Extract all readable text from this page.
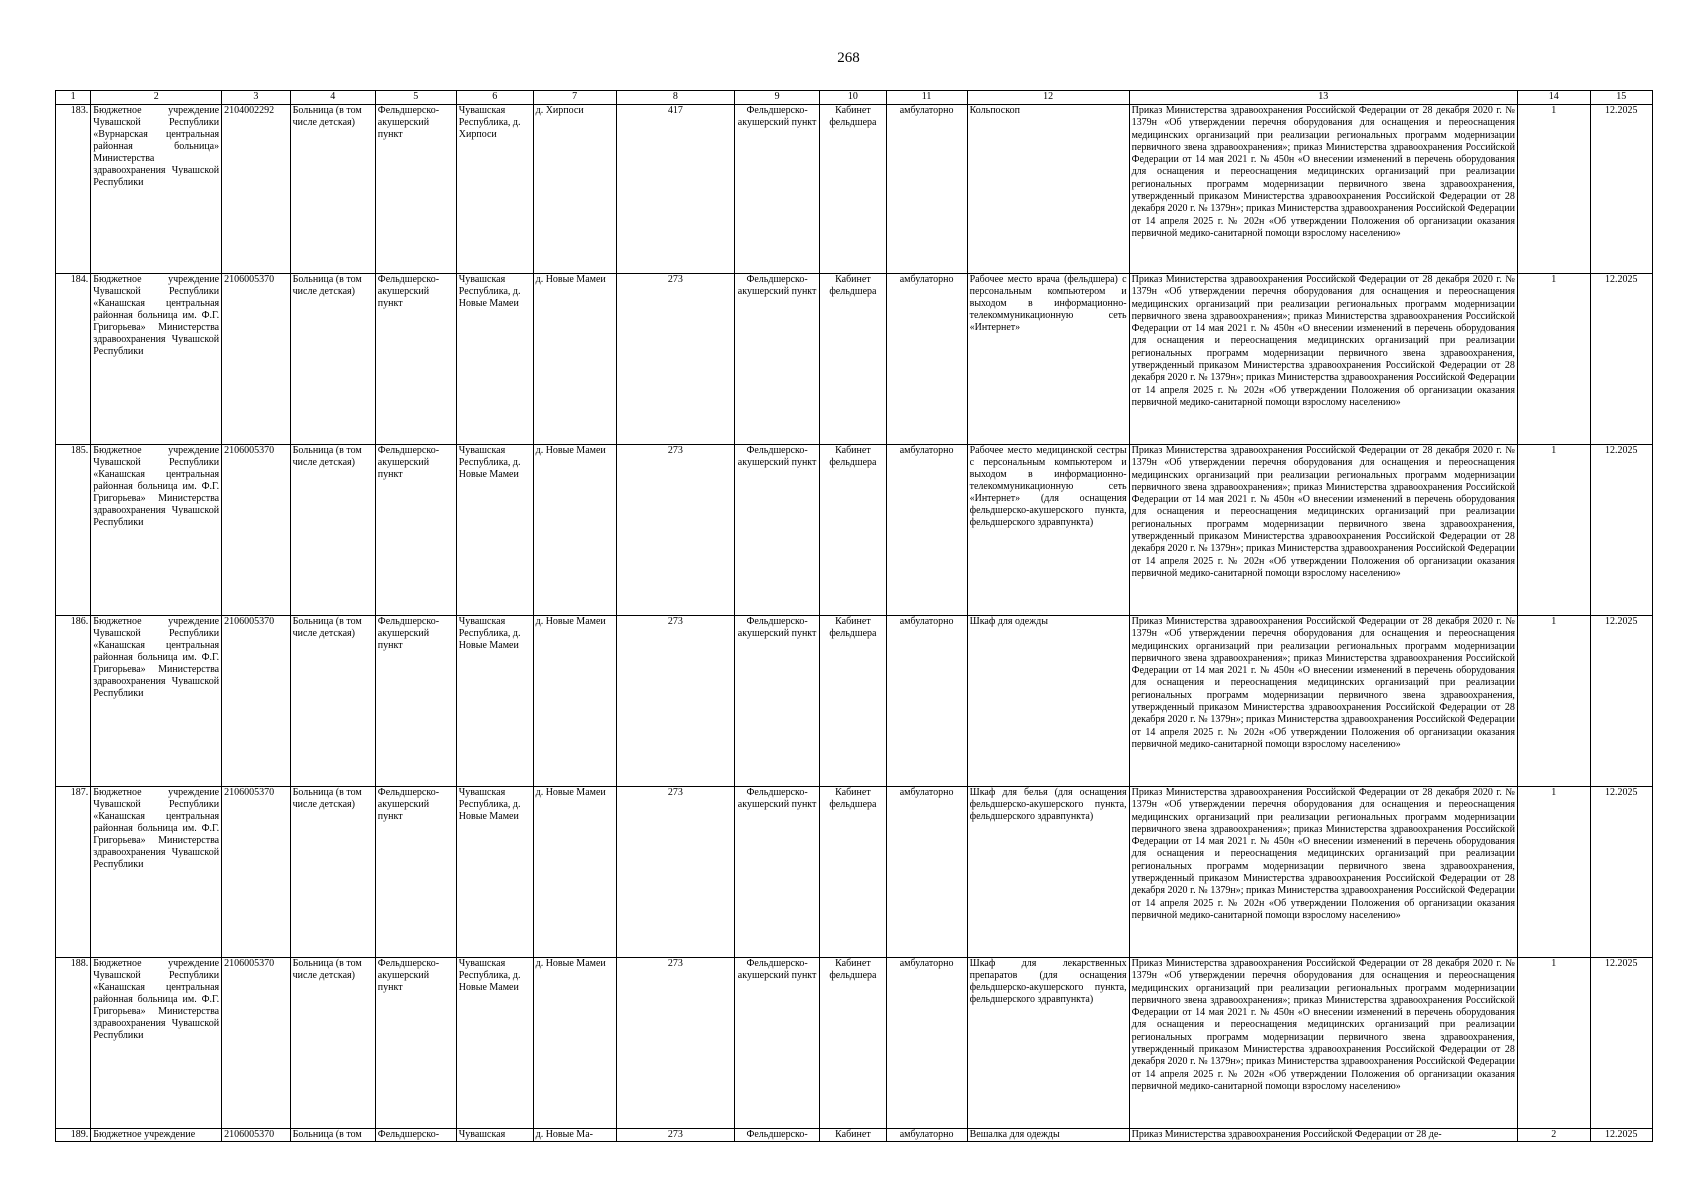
268
1	2	3	4	5	6	7	8	9	10	11	12	13	14	15
183.	Бюджетное учреждение Чувашской Республики «Вурнарская центральная районная больница» Министерства здравоохранения Чувашской Республики	2104002292	Больница (в том числе детская)	Фельдшерско-акушерский пункт	Чувашская Республика, д. Хирпоси	д. Хирпоси	417	Фельдшерско-акушерский пункт	Кабинет фельдшера	амбулаторно	Кольпоскоп	Приказ Министерства здравоохранения Российской Федерации от 28 декабря 2020 г. № 1379н «Об утверждении перечня оборудования для оснащения и переоснащения медицинских организаций при реализации региональных программ модернизации первичного звена здравоохранения»; приказ Министерства здравоохранения Российской Федерации от 14 мая 2021 г. № 450н «О внесении изменений в перечень оборудования для оснащения и переоснащения медицинских организаций при реализации региональных программ модернизации первичного звена здравоохранения, утвержденный приказом Министерства здравоохранения Российской Федерации от 28 декабря 2020 г. № 1379н»; приказ Министерства здравоохранения Российской Федерации от 14 апреля 2025 г. № 202н «Об утверждении Положения об организации оказания первичной медико-санитарной помощи взрослому населению»	1	12.2025
184.	Бюджетное учреждение Чувашской Республики «Канашская центральная районная больница им. Ф.Г. Григорьева» Министерства здравоохранения Чувашской Республики	2106005370	Больница (в том числе детская)	Фельдшерско-акушерский пункт	Чувашская Республика, д. Новые Мамеи	д. Новые Мамеи	273	Фельдшерско-акушерский пункт	Кабинет фельдшера	амбулаторно	Рабочее место врача (фельдшера) с персональным компьютером и выходом в информационно-телекоммуникационную сеть «Интернет»	Приказ Министерства здравоохранения Российской Федерации от 28 декабря 2020 г. № 1379н «Об утверждении перечня оборудования для оснащения и переоснащения медицинских организаций при реализации региональных программ модернизации первичного звена здравоохранения»; приказ Министерства здравоохранения Российской Федерации от 14 мая 2021 г. № 450н «О внесении изменений в перечень оборудования для оснащения и переоснащения медицинских организаций при реализации региональных программ модернизации первичного звена здравоохранения, утвержденный приказом Министерства здравоохранения Российской Федерации от 28 декабря 2020 г. № 1379н»; приказ Министерства здравоохранения Российской Федерации от 14 апреля 2025 г. № 202н «Об утверждении Положения об организации оказания первичной медико-санитарной помощи взрослому населению»	1	12.2025
185.	Бюджетное учреждение Чувашской Республики «Канашская центральная районная больница им. Ф.Г. Григорьева» Министерства здравоохранения Чувашской Республики	2106005370	Больница (в том числе детская)	Фельдшерско-акушерский пункт	Чувашская Республика, д. Новые Мамеи	д. Новые Мамеи	273	Фельдшерско-акушерский пункт	Кабинет фельдшера	амбулаторно	Рабочее место медицинской сестры с персональным компьютером и выходом в информационно-телекоммуникационную сеть «Интернет» (для оснащения фельдшерско-акушерского пункта, фельдшерского здравпункта)	Приказ Министерства здравоохранения Российской Федерации от 28 декабря 2020 г. № 1379н «Об утверждении перечня оборудования для оснащения и переоснащения медицинских организаций при реализации региональных программ модернизации первичного звена здравоохранения»; приказ Министерства здравоохранения Российской Федерации от 14 мая 2021 г. № 450н «О внесении изменений в перечень оборудования для оснащения и переоснащения медицинских организаций при реализации региональных программ модернизации первичного звена здравоохранения, утвержденный приказом Министерства здравоохранения Российской Федерации от 28 декабря 2020 г. № 1379н»; приказ Министерства здравоохранения Российской Федерации от 14 апреля 2025 г. № 202н «Об утверждении Положения об организации оказания первичной медико-санитарной помощи взрослому населению»	1	12.2025
186.	Бюджетное учреждение Чувашской Республики «Канашская центральная районная больница им. Ф.Г. Григорьева» Министерства здравоохранения Чувашской Республики	2106005370	Больница (в том числе детская)	Фельдшерско-акушерский пункт	Чувашская Республика, д. Новые Мамеи	д. Новые Мамеи	273	Фельдшерско-акушерский пункт	Кабинет фельдшера	амбулаторно	Шкаф для одежды	Приказ Министерства здравоохранения Российской Федерации от 28 декабря 2020 г. № 1379н «Об утверждении перечня оборудования для оснащения и переоснащения медицинских организаций при реализации региональных программ модернизации первичного звена здравоохранения»; приказ Министерства здравоохранения Российской Федерации от 14 мая 2021 г. № 450н «О внесении изменений в перечень оборудования для оснащения и переоснащения медицинских организаций при реализации региональных программ модернизации первичного звена здравоохранения, утвержденный приказом Министерства здравоохранения Российской Федерации от 28 декабря 2020 г. № 1379н»; приказ Министерства здравоохранения Российской Федерации от 14 апреля 2025 г. № 202н «Об утверждении Положения об организации оказания первичной медико-санитарной помощи взрослому населению»	1	12.2025
187.	Бюджетное учреждение Чувашской Республики «Канашская центральная районная больница им. Ф.Г. Григорьева» Министерства здравоохранения Чувашской Республики	2106005370	Больница (в том числе детская)	Фельдшерско-акушерский пункт	Чувашская Республика, д. Новые Мамеи	д. Новые Мамеи	273	Фельдшерско-акушерский пункт	Кабинет фельдшера	амбулаторно	Шкаф для белья (для оснащения фельдшерско-акушерского пункта, фельдшерского здравпункта)	Приказ Министерства здравоохранения Российской Федерации от 28 декабря 2020 г. № 1379н «Об утверждении перечня оборудования для оснащения и переоснащения медицинских организаций при реализации региональных программ модернизации первичного звена здравоохранения»; приказ Министерства здравоохранения Российской Федерации от 14 мая 2021 г. № 450н «О внесении изменений в перечень оборудования для оснащения и переоснащения медицинских организаций при реализации региональных программ модернизации первичного звена здравоохранения, утвержденный приказом Министерства здравоохранения Российской Федерации от 28 декабря 2020 г. № 1379н»; приказ Министерства здравоохранения Российской Федерации от 14 апреля 2025 г. № 202н «Об утверждении Положения об организации оказания первичной медико-санитарной помощи взрослому населению»	1	12.2025
188.	Бюджетное учреждение Чувашской Республики «Канашская центральная районная больница им. Ф.Г. Григорьева» Министерства здравоохранения Чувашской Республики	2106005370	Больница (в том числе детская)	Фельдшерско-акушерский пункт	Чувашская Республика, д. Новые Мамеи	д. Новые Мамеи	273	Фельдшерско-акушерский пункт	Кабинет фельдшера	амбулаторно	Шкаф для лекарственных препаратов (для оснащения фельдшерско-акушерского пункта, фельдшерского здравпункта)	Приказ Министерства здравоохранения Российской Федерации от 28 декабря 2020 г. № 1379н «Об утверждении перечня оборудования для оснащения и переоснащения медицинских организаций при реализации региональных программ модернизации первичного звена здравоохранения»; приказ Министерства здравоохранения Российской Федерации от 14 мая 2021 г. № 450н «О внесении изменений в перечень оборудования для оснащения и переоснащения медицинских организаций при реализации региональных программ модернизации первичного звена здравоохранения, утвержденный приказом Министерства здравоохранения Российской Федерации от 28 декабря 2020 г. № 1379н»; приказ Министерства здравоохранения Российской Федерации от 14 апреля 2025 г. № 202н «Об утверждении Положения об организации оказания первичной медико-санитарной помощи взрослому населению»	1	12.2025
189.	Бюджетное учреждение	2106005370	Больница (в том	Фельдшерско-	Чувашская	д. Новые Ма-	273	Фельдшерско-	Кабинет	амбулаторно	Вешалка для одежды	Приказ Министерства здравоохранения Российской Федерации от 28 де-	2	12.2025
